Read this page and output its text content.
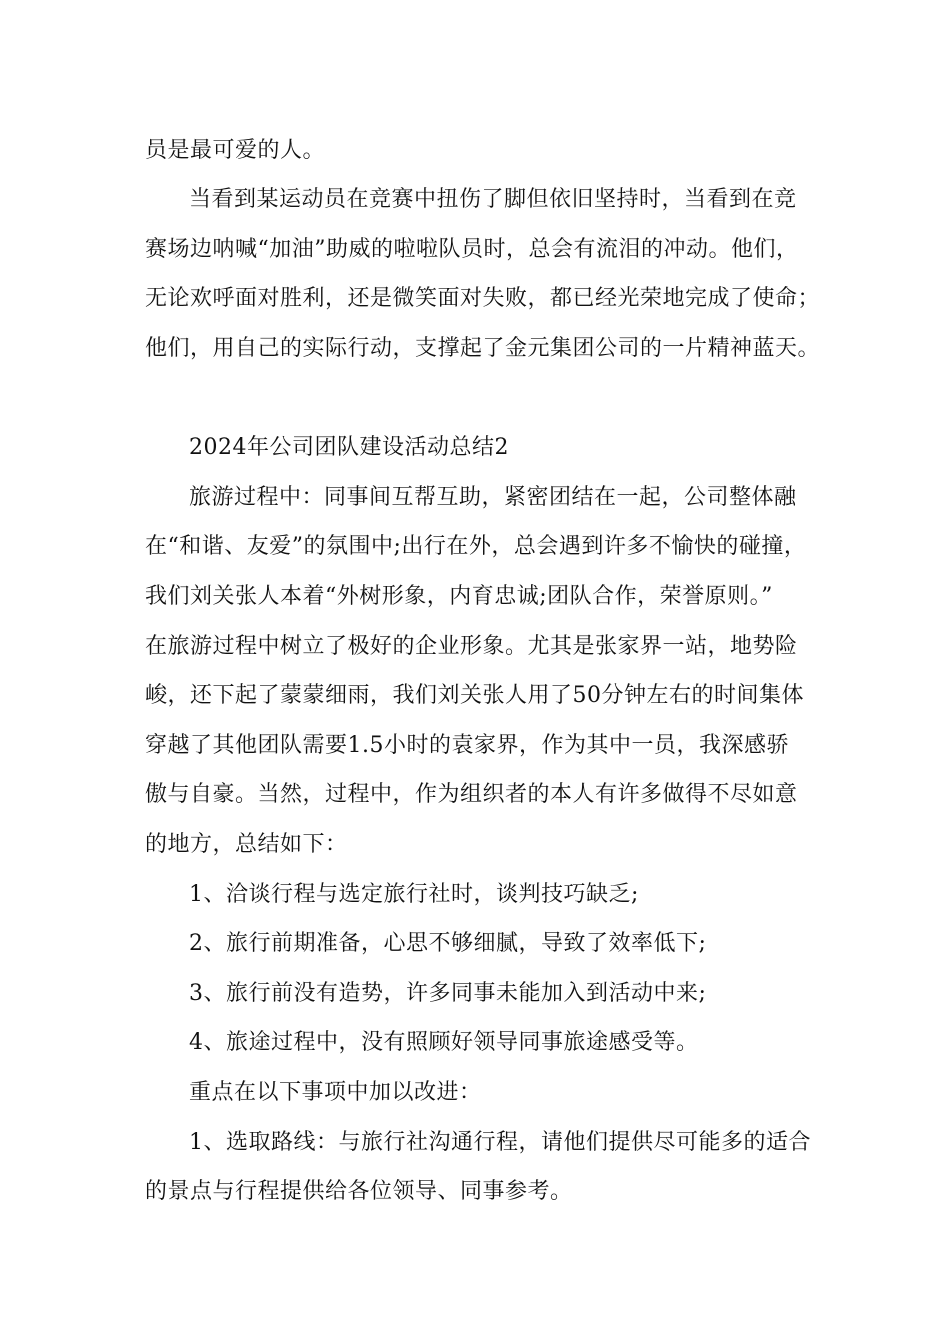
员是最可爱的人。
当看到某运动员在竞赛中扭伤了脚但依旧坚持时，当看到在竞
赛场边呐喊“加油”助威的啦啦队员时，总会有流泪的冲动。他们，
无论欢呼面对胜利，还是微笑面对失败，都已经光荣地完成了使命；
他们，用自己的实际行动，支撑起了金元集团公司的一片精神蓝天。
2024年公司团队建设活动总结2
旅游过程中：同事间互帮互助，紧密团结在一起，公司整体融
在“和谐、友爱”的氛围中;出行在外，总会遇到许多不愉快的碰撞，
我们刘关张人本着“外树形象，内育忠诚;团队合作，荣誉原则。”
在旅游过程中树立了极好的企业形象。尤其是张家界一站，地势险
峻，还下起了蒙蒙细雨，我们刘关张人用了50分钟左右的时间集体
穿越了其他团队需要1.5小时的袁家界，作为其中一员，我深感骄
傲与自豪。当然，过程中，作为组织者的本人有许多做得不尽如意
的地方，总结如下：
1、洽谈行程与选定旅行社时，谈判技巧缺乏;
2、旅行前期准备，心思不够细腻，导致了效率低下;
3、旅行前没有造势，许多同事未能加入到活动中来;
4、旅途过程中，没有照顾好领导同事旅途感受等。
重点在以下事项中加以改进：
1、选取路线：与旅行社沟通行程，请他们提供尽可能多的适合
的景点与行程提供给各位领导、同事参考。
